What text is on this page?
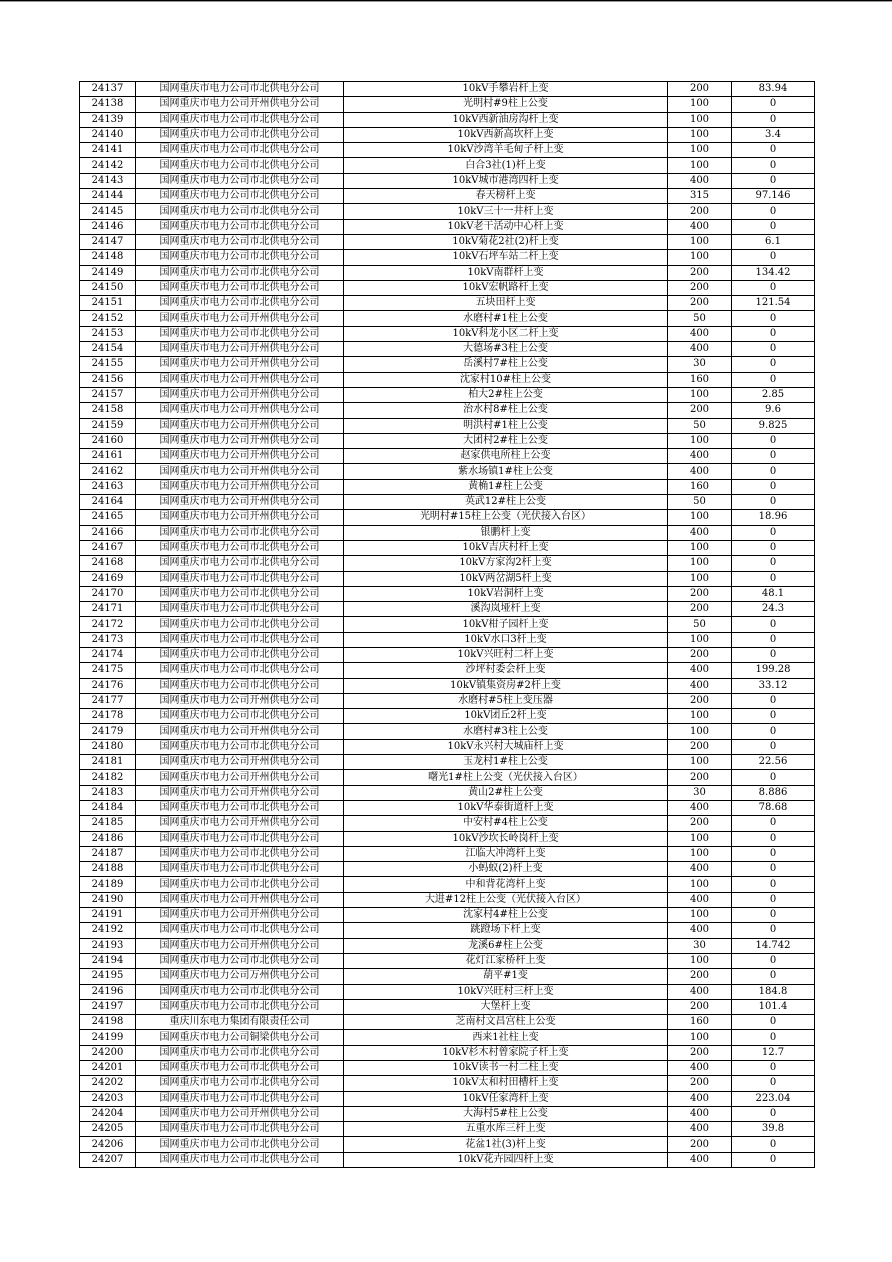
24137	国网重庆市电力公司市北供电分公司	10kV手攀岩杆上变	200	83.94
24138	国网重庆市电力公司开州供电分公司	光明村#9柱上公变	100	0
24139	国网重庆市电力公司市北供电分公司	10kV西新油房沟杆上变	100	0
24140	国网重庆市电力公司市北供电分公司	10kV西新高坎杆上变	100	3.4
24141	国网重庆市电力公司市北供电分公司	10kV沙湾羊毛甸子杆上变	100	0
24142	国网重庆市电力公司市北供电分公司	白合3社(1)杆上变	100	0
24143	国网重庆市电力公司市北供电分公司	10kV城市港湾四杆上变	400	0
24144	国网重庆市电力公司市北供电分公司	春天榜杆上变	315	97.146
24145	国网重庆市电力公司市北供电分公司	10kV三十一井杆上变	200	0
24146	国网重庆市电力公司市北供电分公司	10kV老干活动中心杆上变	400	0
24147	国网重庆市电力公司市北供电分公司	10kV菊花2社(2)杆上变	100	6.1
24148	国网重庆市电力公司市北供电分公司	10kV石坪车站二杆上变	100	0
24149	国网重庆市电力公司市北供电分公司	10kV南群杆上变	200	134.42
24150	国网重庆市电力公司市北供电分公司	10kV宏帆路杆上变	200	0
24151	国网重庆市电力公司市北供电分公司	五块田杆上变	200	121.54
24152	国网重庆市电力公司开州供电分公司	水磨村#1柱上公变	50	0
24153	国网重庆市电力公司市北供电分公司	10kV科龙小区二杆上变	400	0
24154	国网重庆市电力公司开州供电分公司	大德场#3柱上公变	400	0
24155	国网重庆市电力公司开州供电分公司	岳溪村7#柱上公变	30	0
24156	国网重庆市电力公司开州供电分公司	沈家村10#柱上公变	160	0
24157	国网重庆市电力公司开州供电分公司	柏大2#柱上公变	100	2.85
24158	国网重庆市电力公司开州供电分公司	治水村8#柱上公变	200	9.6
24159	国网重庆市电力公司开州供电分公司	明洪村#1柱上公变	50	9.825
24160	国网重庆市电力公司开州供电分公司	大团村2#柱上公变	100	0
24161	国网重庆市电力公司开州供电分公司	赵家供电所柱上公变	400	0
24162	国网重庆市电力公司开州供电分公司	紫水场镇1#柱上公变	400	0
24163	国网重庆市电力公司开州供电分公司	黄桷1#柱上公变	160	0
24164	国网重庆市电力公司开州供电分公司	英武12#柱上公变	50	0
24165	国网重庆市电力公司开州供电分公司	光明村#15柱上公变（光伏接入台区）	100	18.96
24166	国网重庆市电力公司市北供电分公司	银鹏杆上变	400	0
24167	国网重庆市电力公司市北供电分公司	10kV吉庆村杆上变	100	0
24168	国网重庆市电力公司市北供电分公司	10kV方家沟2杆上变	100	0
24169	国网重庆市电力公司市北供电分公司	10kV两岔湖5杆上变	100	0
24170	国网重庆市电力公司市北供电分公司	10kV岩洞杆上变	200	48.1
24171	国网重庆市电力公司市北供电分公司	溪沟岚垭杆上变	200	24.3
24172	国网重庆市电力公司市北供电分公司	10kV柑子园杆上变	50	0
24173	国网重庆市电力公司市北供电分公司	10kV水口3杆上变	100	0
24174	国网重庆市电力公司市北供电分公司	10kV兴旺村二杆上变	200	0
24175	国网重庆市电力公司市北供电分公司	沙坪村委会杆上变	400	199.28
24176	国网重庆市电力公司市北供电分公司	10kV镇集资房#2杆上变	400	33.12
24177	国网重庆市电力公司开州供电分公司	水磨村#5柱上变压器	200	0
24178	国网重庆市电力公司市北供电分公司	10kV团丘2杆上变	100	0
24179	国网重庆市电力公司开州供电分公司	水磨村#3柱上公变	100	0
24180	国网重庆市电力公司市北供电分公司	10kV永兴村大城庙杆上变	200	0
24181	国网重庆市电力公司开州供电分公司	玉龙村1#柱上公变	100	22.56
24182	国网重庆市电力公司开州供电分公司	曙光1#柱上公变（光伏接入台区）	200	0
24183	国网重庆市电力公司开州供电分公司	黄山2#柱上公变	30	8.886
24184	国网重庆市电力公司市北供电分公司	10kV华泰街道杆上变	400	78.68
24185	国网重庆市电力公司开州供电分公司	中安村#4柱上公变	200	0
24186	国网重庆市电力公司市北供电分公司	10kV沙坎长岭岗杆上变	100	0
24187	国网重庆市电力公司市北供电分公司	江临大冲湾杆上变	100	0
24188	国网重庆市电力公司市北供电分公司	小蚂蚁(2)杆上变	400	0
24189	国网重庆市电力公司市北供电分公司	中和背花湾杆上变	100	0
24190	国网重庆市电力公司开州供电分公司	大进#12柱上公变（光伏接入台区）	400	0
24191	国网重庆市电力公司开州供电分公司	沈家村4#柱上公变	100	0
24192	国网重庆市电力公司市北供电分公司	跳蹬场下杆上变	400	0
24193	国网重庆市电力公司开州供电分公司	龙溪6#柱上公变	30	14.742
24194	国网重庆市电力公司市北供电分公司	花灯江家桥杆上变	100	0
24195	国网重庆市电力公司万州供电分公司	葫平#1变	200	0
24196	国网重庆市电力公司市北供电分公司	10kV兴旺村三杆上变	400	184.8
24197	国网重庆市电力公司市北供电分公司	大堡杆上变	200	101.4
24198	重庆川东电力集团有限责任公司	芝南村文昌宫柱上公变	160	0
24199	国网重庆市电力公司铜梁供电分公司	西来1社柱上变	100	0
24200	国网重庆市电力公司市北供电分公司	10kV杉木村曾家院子杆上变	200	12.7
24201	国网重庆市电力公司市北供电分公司	10kV读书一村二柱上变	400	0
24202	国网重庆市电力公司市北供电分公司	10kV太和村田槽杆上变	200	0
24203	国网重庆市电力公司市北供电分公司	10kV任家湾杆上变	400	223.04
24204	国网重庆市电力公司开州供电分公司	大海村5#柱上公变	400	0
24205	国网重庆市电力公司市北供电分公司	五重水库三杆上变	400	39.8
24206	国网重庆市电力公司市北供电分公司	花盆1社(3)杆上变	200	0
24207	国网重庆市电力公司市北供电分公司	10kV花卉园四杆上变	400	0
